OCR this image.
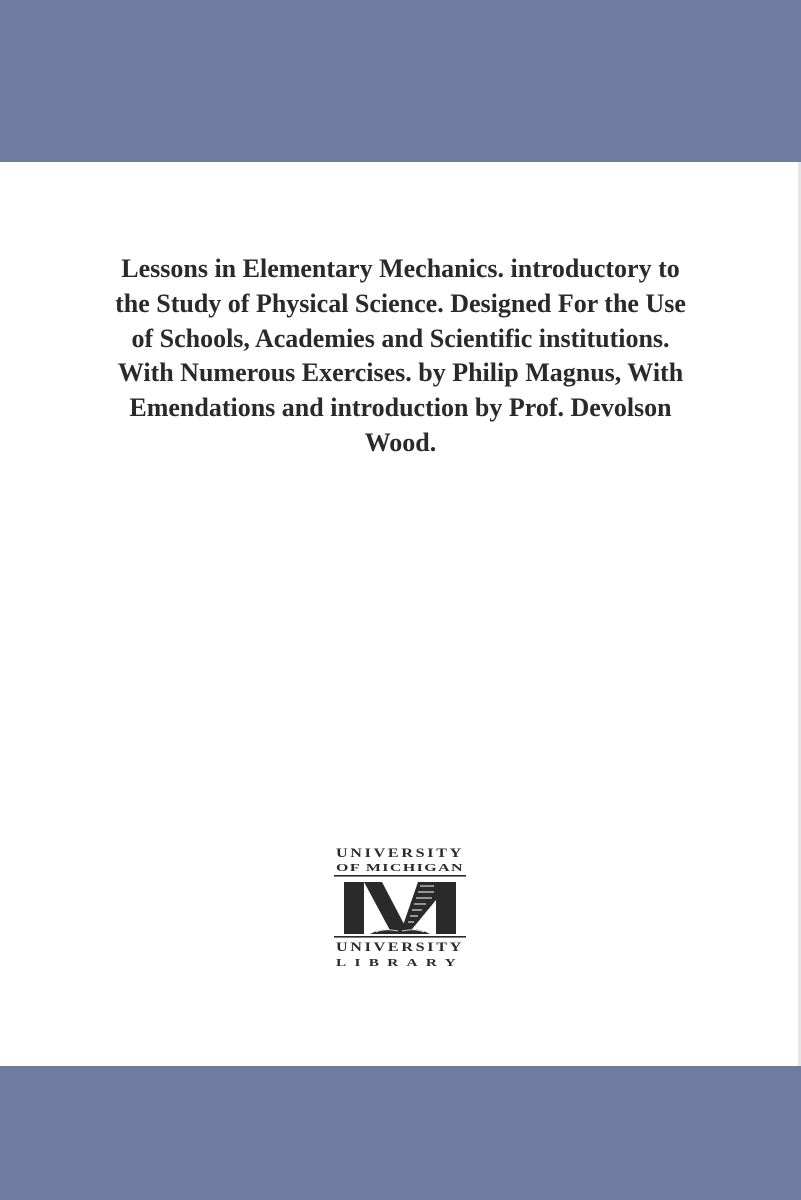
Lessons in Elementary Mechanics. introductory to the Study of Physical Science. Designed For the Use of Schools, Academies and Scientific institutions. With Numerous Exercises. by Philip Magnus, With Emendations and introduction by Prof. Devolson Wood.
UNIVERSITY
OF MICHIGAN
UNIVERSITY
LIBRARY
